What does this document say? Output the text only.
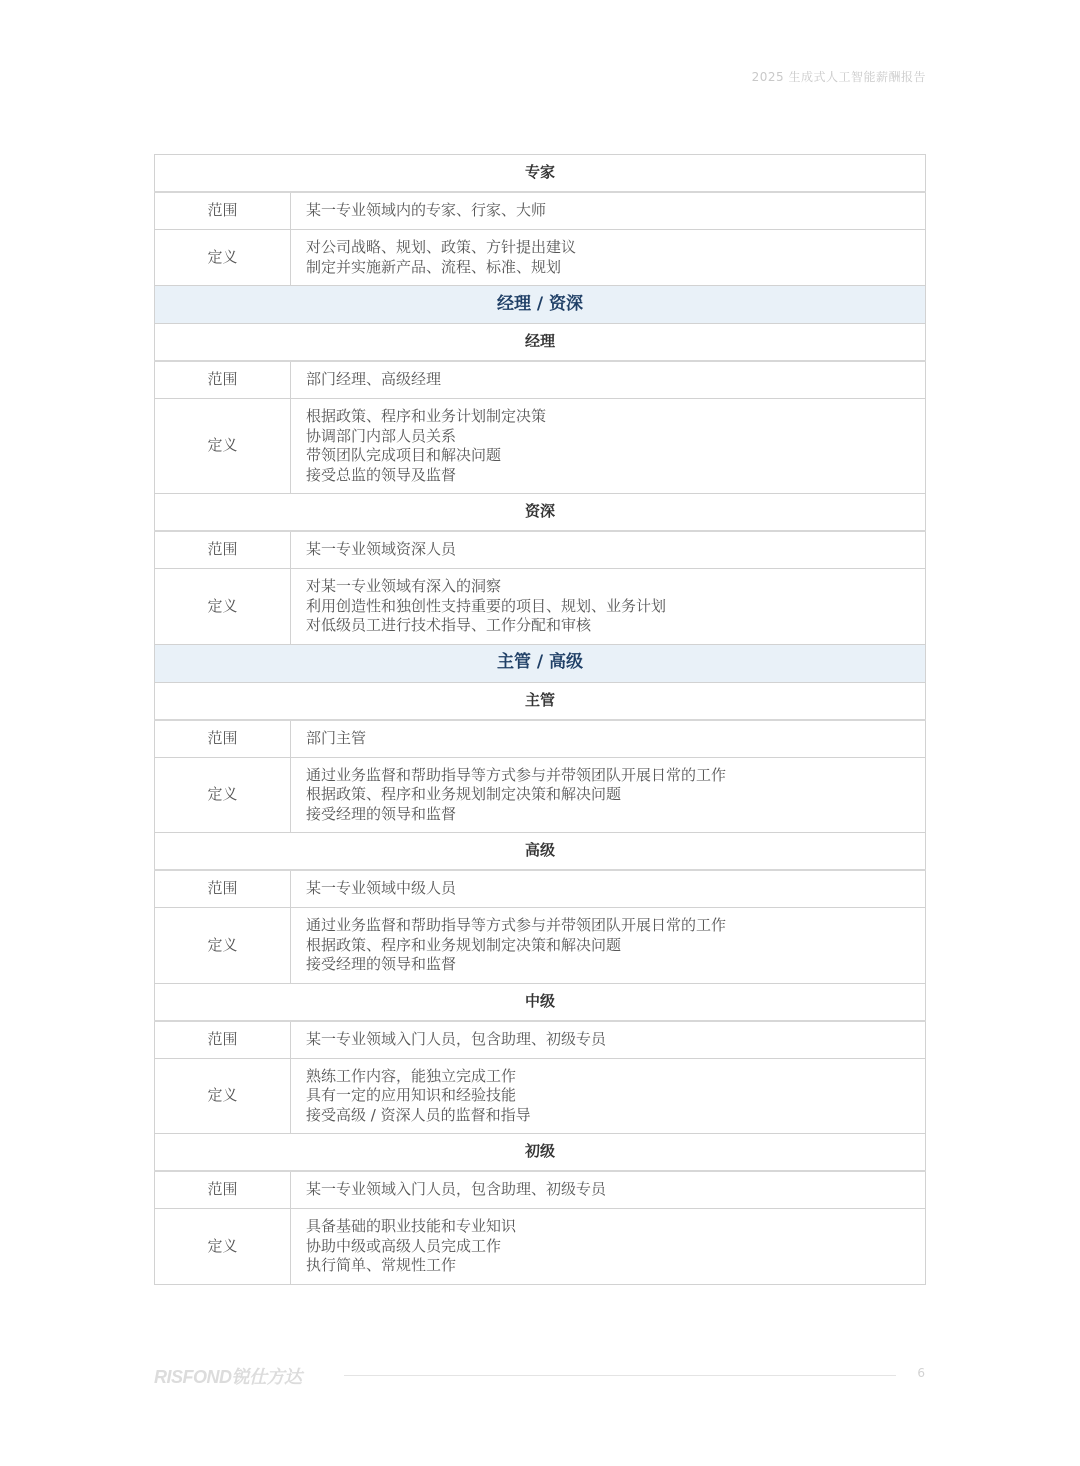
2025 生成式人工智能薪酬报告
专家	
范围	某一专业领域内的专家、行家、大师
定义	对公司战略、规划、政策、方针提出建议
制定并实施新产品、流程、标准、规划

经理 / 资深	
经理	
范围	部门经理、高级经理
定义	根据政策、程序和业务计划制定决策
协调部门内部人员关系
带领团队完成项目和解决问题
接受总监的领导及监督

资深	
范围	某一专业领域资深人员
定义	对某一专业领域有深入的洞察
利用创造性和独创性支持重要的项目、规划、业务计划
对低级员工进行技术指导、工作分配和审核

主管 / 高级	
主管	
范围	部门主管
定义	通过业务监督和帮助指导等方式参与并带领团队开展日常的工作
根据政策、程序和业务规划制定决策和解决问题
接受经理的领导和监督

高级	
范围	某一专业领域中级人员
定义	通过业务监督和帮助指导等方式参与并带领团队开展日常的工作
根据政策、程序和业务规划制定决策和解决问题
接受经理的领导和监督

中级	
范围	某一专业领域入门人员，包含助理、初级专员
定义	熟练工作内容，能独立完成工作
具有一定的应用知识和经验技能
接受高级 / 资深人员的监督和指导

初级	
范围	某一专业领域入门人员，包含助理、初级专员
定义	具备基础的职业技能和专业知识
协助中级或高级人员完成工作
执行简单、常规性工作
RISFOND锐仕方达	6
